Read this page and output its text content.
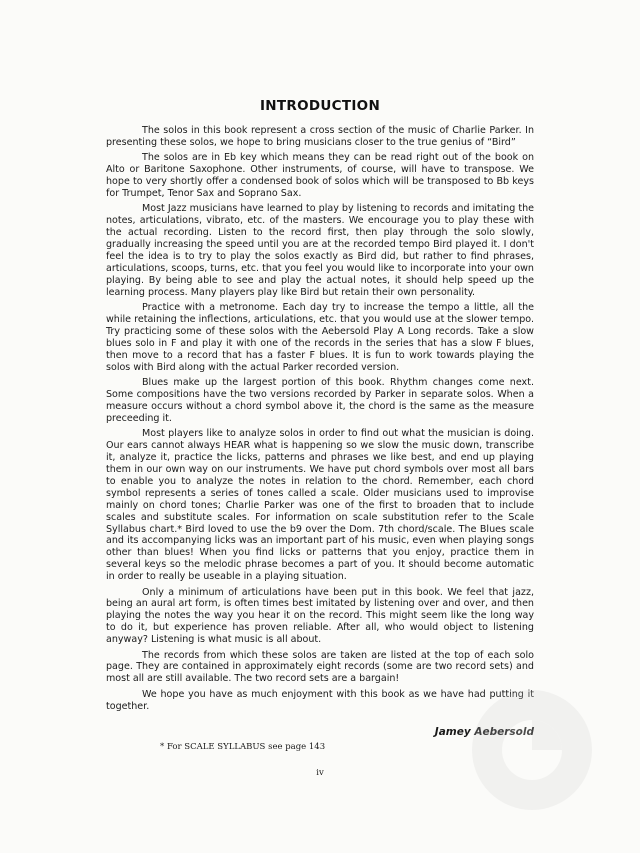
INTRODUCTION

The solos in this book represent a cross section of the music of Charlie Parker. In presenting these solos, we hope to bring musicians closer to the true genius of “Bird”

The solos are in Eb key which means they can be read right out of the book on Alto or Baritone Saxophone. Other instruments, of course, will have to transpose. We hope to very shortly offer a condensed book of solos which will be transposed to Bb keys for Trumpet, Tenor Sax and Soprano Sax.

Most Jazz musicians have learned to play by listening to records and imitating the notes, articulations, vibrato, etc. of the masters. We encourage you to play these with the actual recording. Listen to the record first, then play through the solo slowly, gradually increasing the speed until you are at the recorded tempo Bird played it. I don't feel the idea is to try to play the solos exactly as Bird did, but rather to find phrases, articulations, scoops, turns, etc. that you feel you would like to incorporate into your own playing. By being able to see and play the actual notes, it should help speed up the learning process. Many players play like Bird but retain their own personality.

Practice with a metronome. Each day try to increase the tempo a little, all the while retaining the inflections, articulations, etc. that you would use at the slower tempo. Try practicing some of these solos with the Aebersold Play A Long records. Take a slow blues solo in F and play it with one of the records in the series that has a slow F blues, then move to a record that has a faster F blues. It is fun to work towards playing the solos with Bird along with the actual Parker recorded version.

Blues make up the largest portion of this book. Rhythm changes come next. Some compositions have the two versions recorded by Parker in separate solos. When a measure occurs without a chord symbol above it, the chord is the same as the measure preceeding it.

Most players like to analyze solos in order to find out what the musician is doing. Our ears cannot always HEAR what is happening so we slow the music down, transcribe it, analyze it, practice the licks, patterns and phrases we like best, and end up playing them in our own way on our instruments. We have put chord symbols over most all bars to enable you to analyze the notes in relation to the chord. Remember, each chord symbol represents a series of tones called a scale. Older musicians used to improvise mainly on chord tones; Charlie Parker was one of the first to broaden that to include scales and substitute scales. For information on scale substitution refer to the Scale Syllabus chart.* Bird loved to use the b9 over the Dom. 7th chord/scale. The Blues scale and its accompanying licks was an important part of his music, even when playing songs other than blues! When you find licks or patterns that you enjoy, practice them in several keys so the melodic phrase becomes a part of you. It should become automatic in order to really be useable in a playing situation.

Only a minimum of articulations have been put in this book. We feel that jazz, being an aural art form, is often times best imitated by listening over and over, and then playing the notes the way you hear it on the record. This might seem like the long way to do it, but experience has proven reliable. After all, who would object to listening anyway? Listening is what music is all about.

The records from which these solos are taken are listed at the top of each solo page. They are contained in approximately eight records (some are two record sets) and most all are still available. The two record sets are a bargain!

We hope you have as much enjoyment with this book as we have had putting it together.

Jamey Aebersold
* For SCALE SYLLABUS see page 143
iv
allegro
